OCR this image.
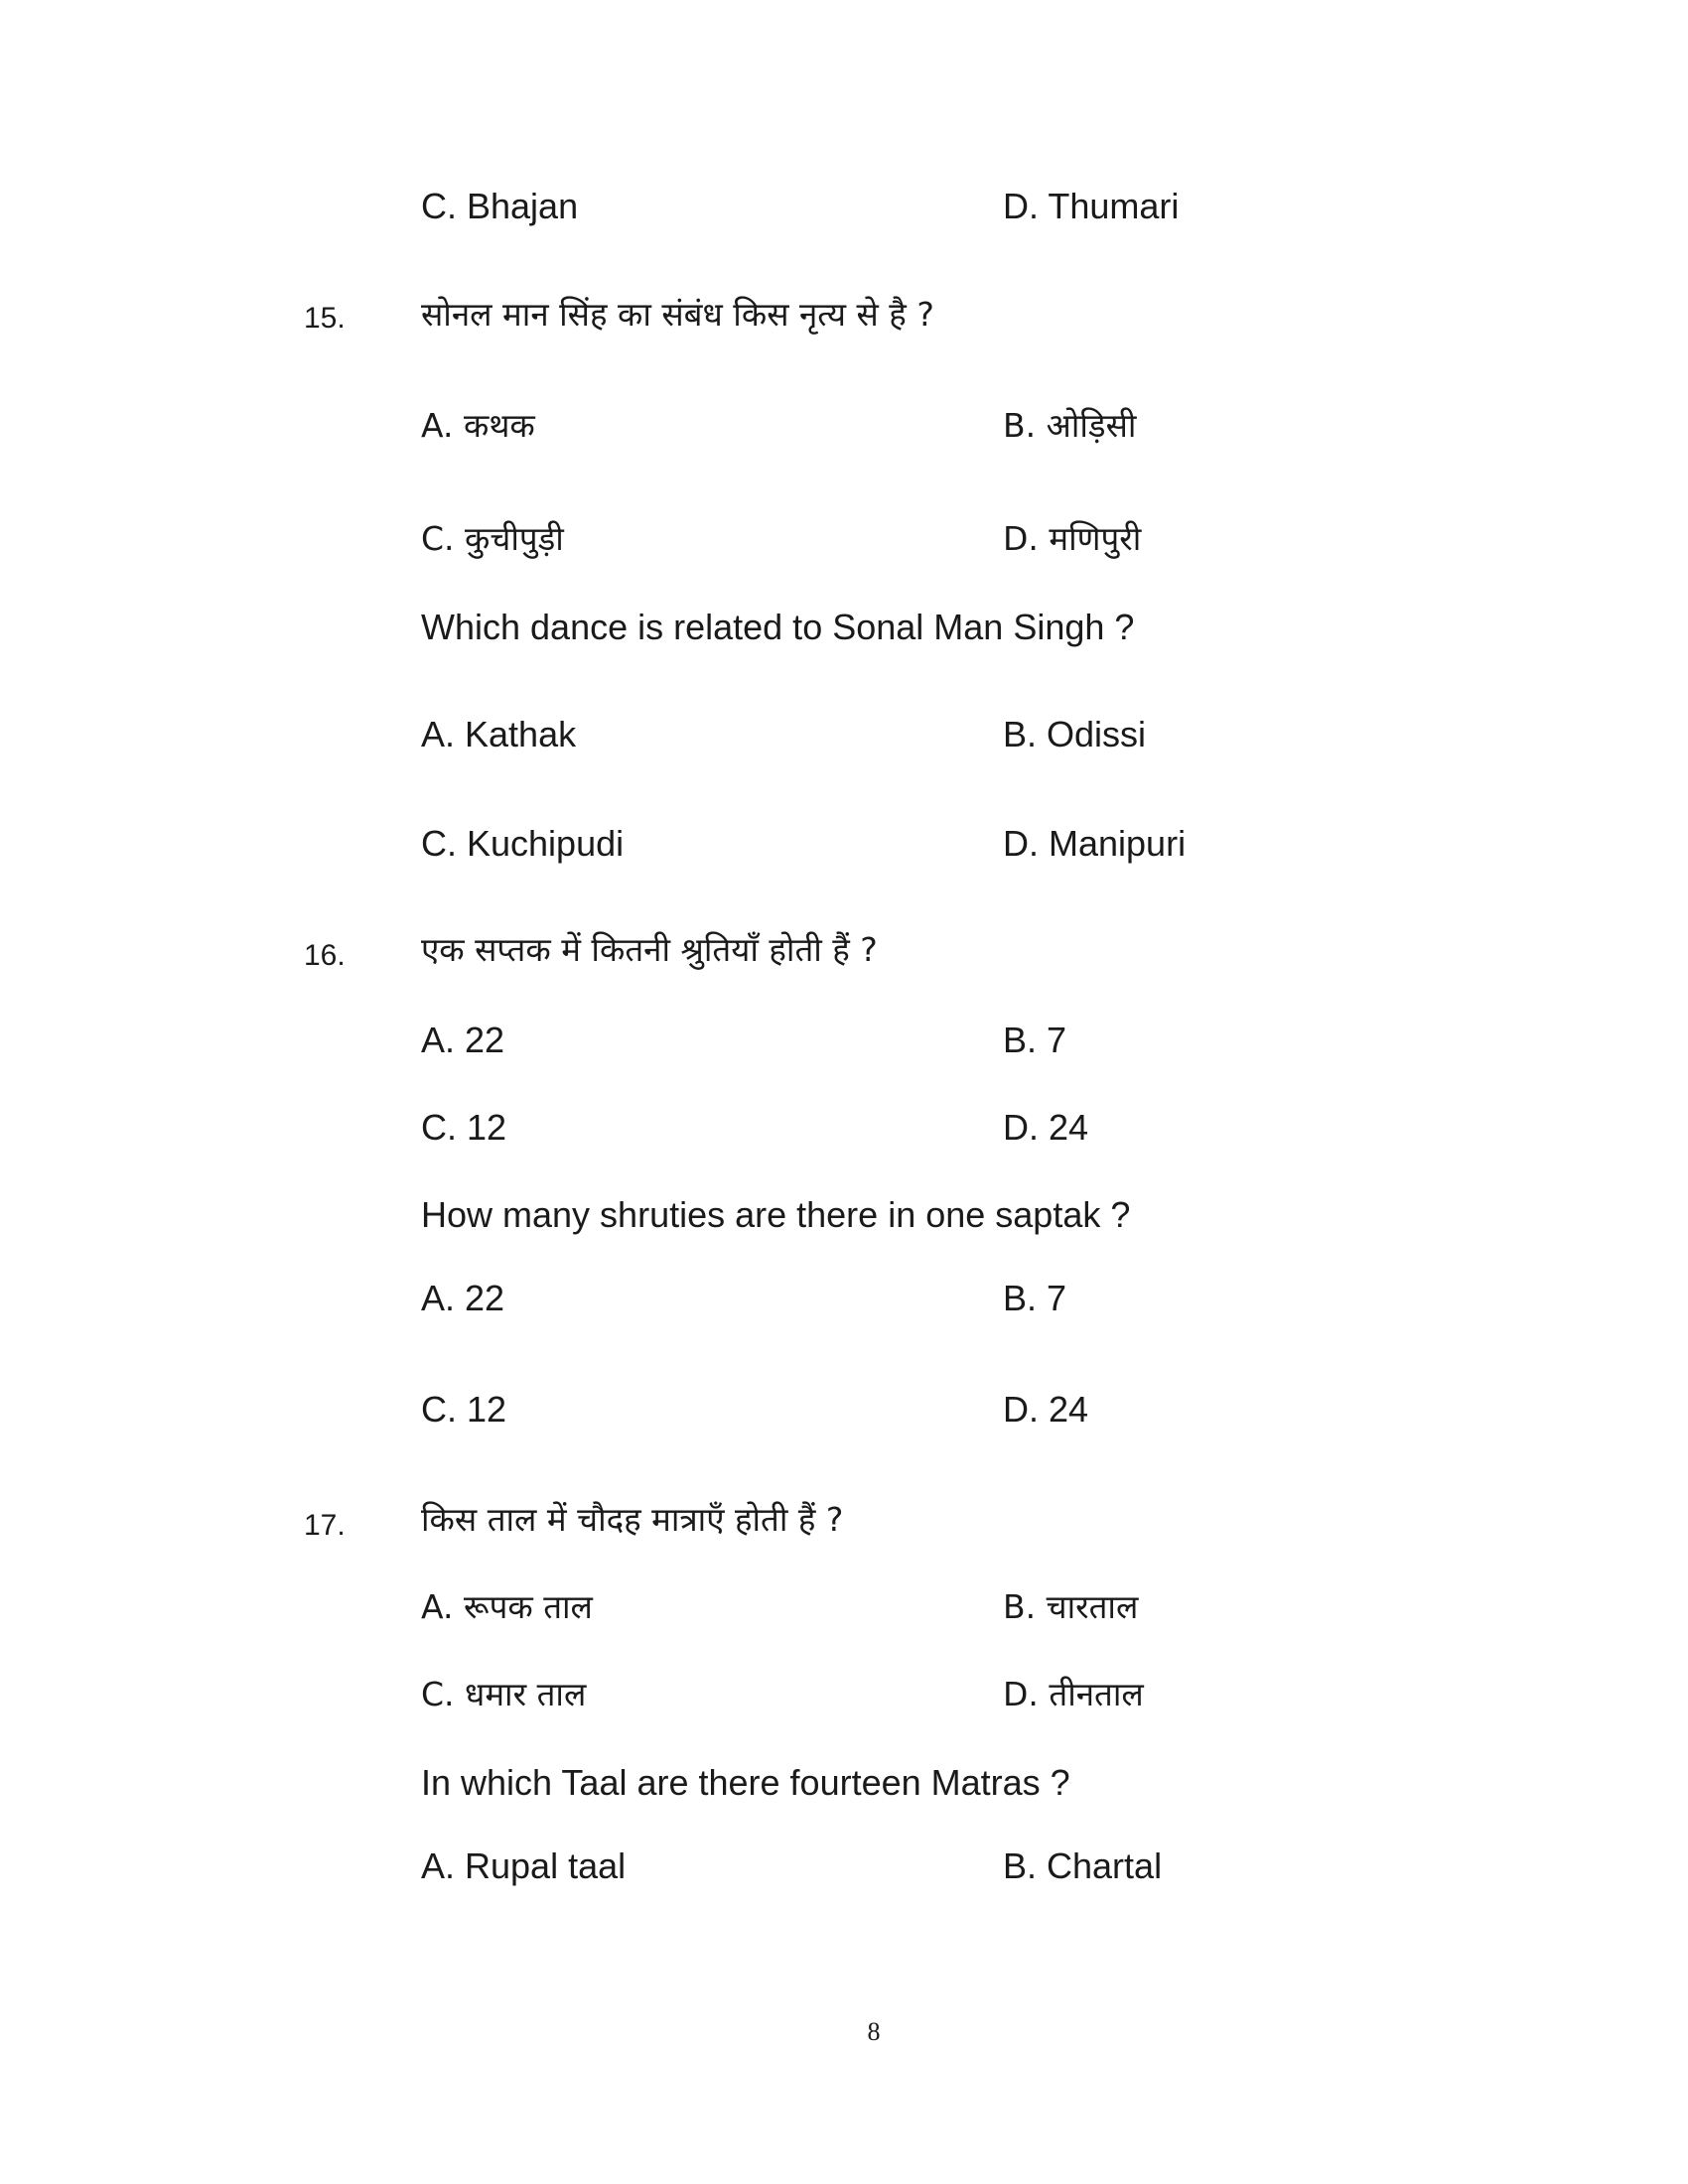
C. Bhajan	D. Thumari
15. सोनल मान सिंह का संबंध किस नृत्य से है ?
A. कथक	B. ओड़िसी
C. कुचीपुड़ी	D. मणिपुरी
Which dance is related to Sonal Man Singh ?
A. Kathak	B. Odissi
C. Kuchipudi	D. Manipuri
16. एक सप्तक में कितनी श्रुतियाँ होती हैं ?
A. 22	B. 7
C. 12	D. 24
How many shruties are there in one saptak ?
A. 22	B. 7
C. 12	D. 24
17. किस ताल में चौदह मात्राएँ होती हैं ?
A. रूपक ताल	B. चारताल
C. धमार ताल	D. तीनताल
In which Taal are there fourteen Matras ?
A. Rupal taal	B. Chartal
8
